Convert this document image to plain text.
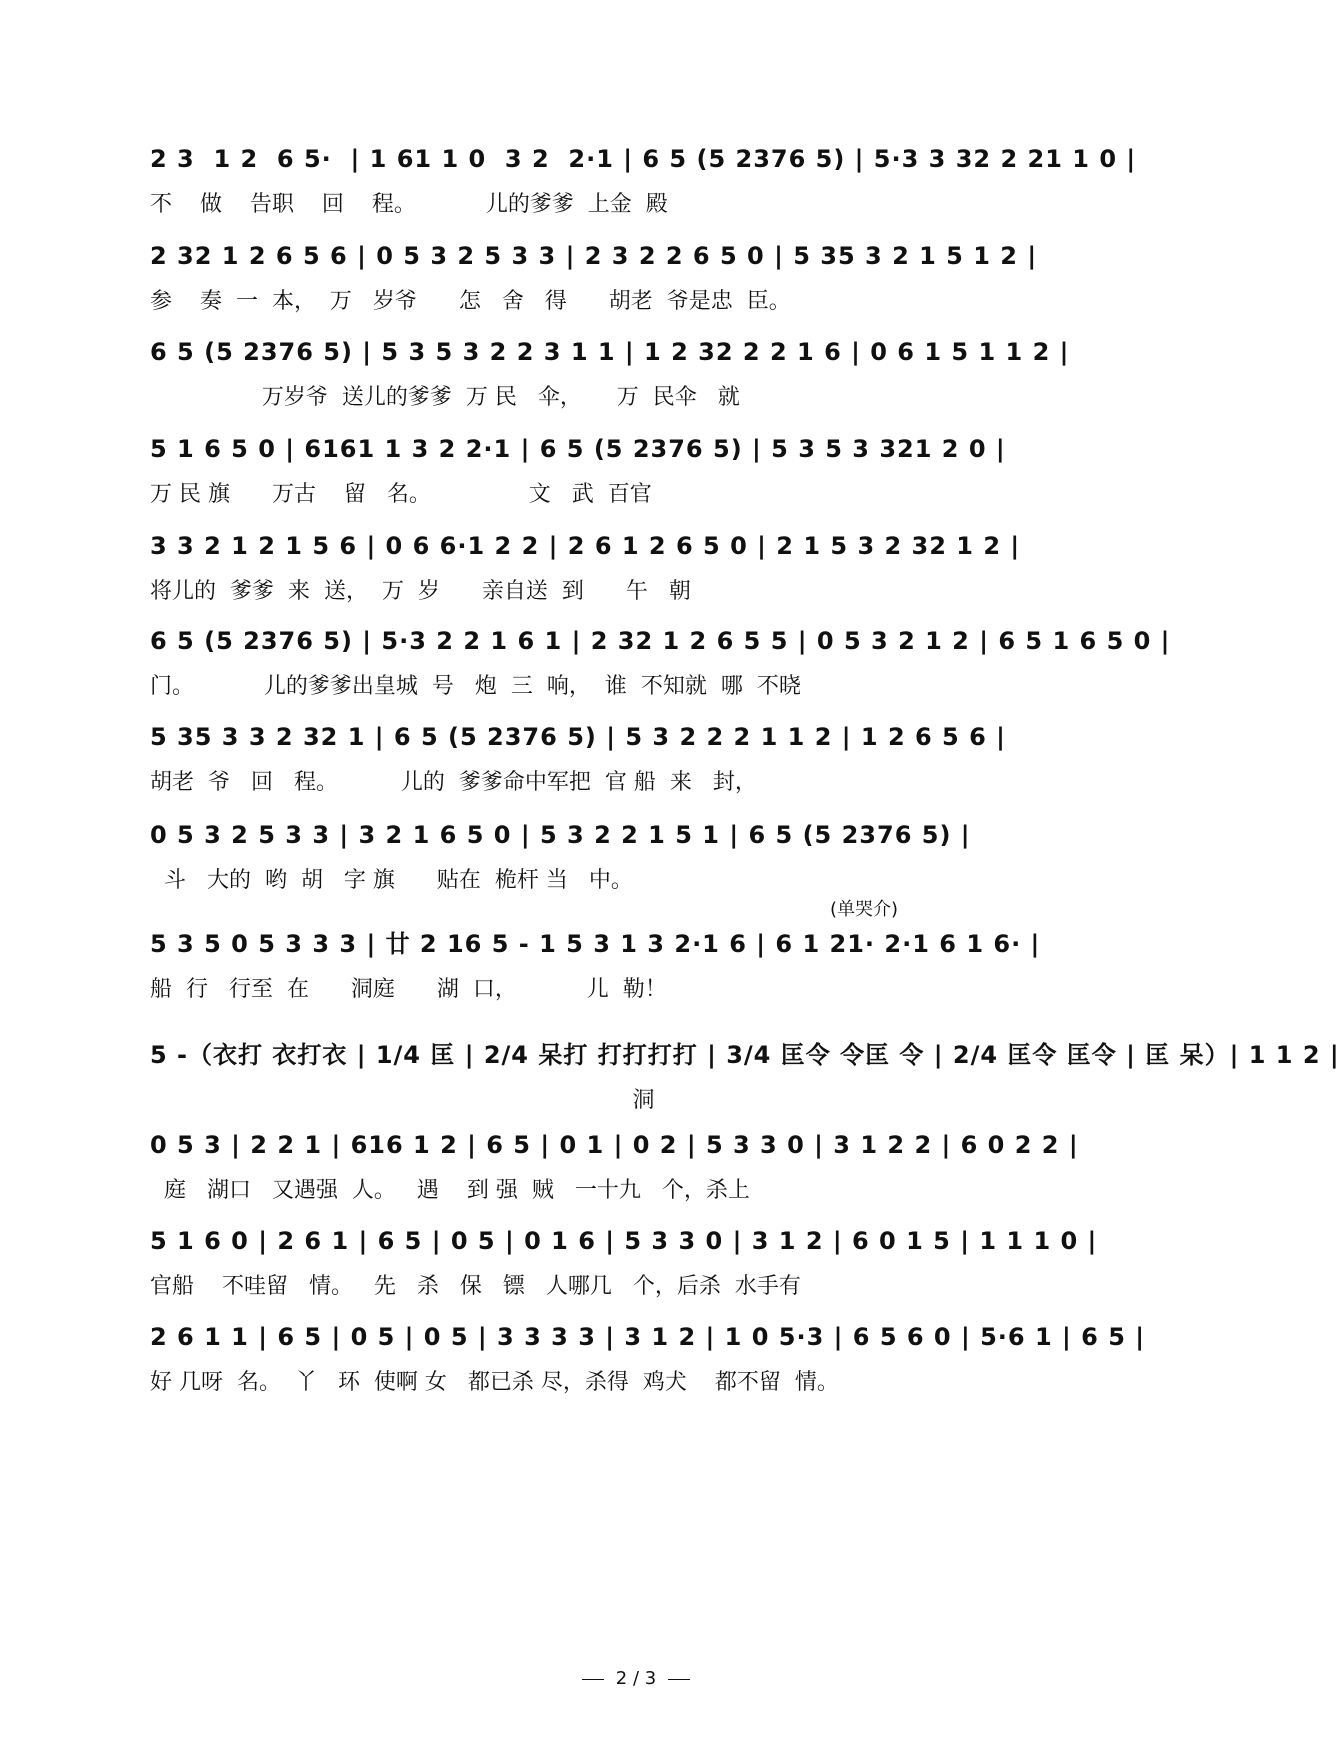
2 3  1 2  6 5·  | 1 61 1 0  3 2  2·1 | 6 5 (5 2376 5) | 5·3 3 32 2 21 1 0 |
不    做    告职    回    程。          儿的爹爹  上金  殿
2 32 1 2 6 5 6 | 0 5 3 2 5 3 3 | 2 3 2 2 6 5 0 | 5 35 3 2 1 5 1 2 |
参    奏  一  本，  万   岁爷      怎   舍   得      胡老  爷是忠  臣。
6 5 (5 2376 5) | 5 3 5 3 2 2 3 1 1 | 1 2 32 2 2 1 6 | 0 6 1 5 1 1 2 |
万岁爷  送儿的爹爹  万 民   伞，     万  民伞   就
5 1 6 5 0 | 6161 1 3 2 2·1 | 6 5 (5 2376 5) | 5 3 5 3 321 2 0 |
万 民 旗      万古    留   名。              文   武  百官
3 3 2 1 2 1 5 6 | 0 6 6·1 2 2 | 2 6 1 2 6 5 0 | 2 1 5 3 2 32 1 2 |
将儿的  爹爹  来  送，  万  岁      亲自送  到      午   朝
6 5 (5 2376 5) | 5·3 2 2 1 6 1 | 2 32 1 2 6 5 5 | 0 5 3 2 1 2 | 6 5 1 6 5 0 |
门。          儿的爹爹出皇城  号   炮  三  响，  谁  不知就  哪  不晓
5 35 3 3 2 32 1 | 6 5 (5 2376 5) | 5 3 2 2 2 1 1 2 | 1 2 6 5 6 |
胡老  爷   回   程。         儿的  爹爹命中军把  官 船  来   封，
0 5 3 2 5 3 3 | 3 2 1 6 5 0 | 5 3 2 2 1 5 1 | 6 5 (5 2376 5) |
斗   大的  哟  胡   字 旗      贴在  桅杆 当   中。
(单哭介)
5 3 5 0 5 3 3 3 | 廿 2 16 5 - 1 5 3 1 3 2·1 6 | 6 1 21· 2·1 6 1 6· |
船  行   行至  在      洞庭      湖  口，          儿  勒！
5 -（衣打 衣打衣 | 1/4 匡 | 2/4 呆打 打打打打 | 3/4 匡令 令匡 令 | 2/4 匡令 匡令 | 匡 呆）| 1 1 2 |
洞
0 5 3 | 2 2 1 | 616 1 2 | 6 5 | 0 1 | 0 2 | 5 3 3 0 | 3 1 2 2 | 6 0 2 2 |
庭   湖口   又遇强  人。   遇    到 强  贼   一十九   个，杀上
5 1 6 0 | 2 6 1 | 6 5 | 0 5 | 0 1 6 | 5 3 3 0 | 3 1 2 | 6 0 1 5 | 1 1 1 0 |
官船    不哇留   情。   先   杀   保   镖   人哪几   个，后杀  水手有
2 6 1 1 | 6 5 | 0 5 | 0 5 | 3 3 3 3 | 3 1 2 | 1 0 5·3 | 6 5 6 0 | 5·6 1 | 6 5 |
好 几呀  名。  丫   环  使啊 女   都已杀 尽，杀得  鸡犬    都不留  情。
2 / 3
